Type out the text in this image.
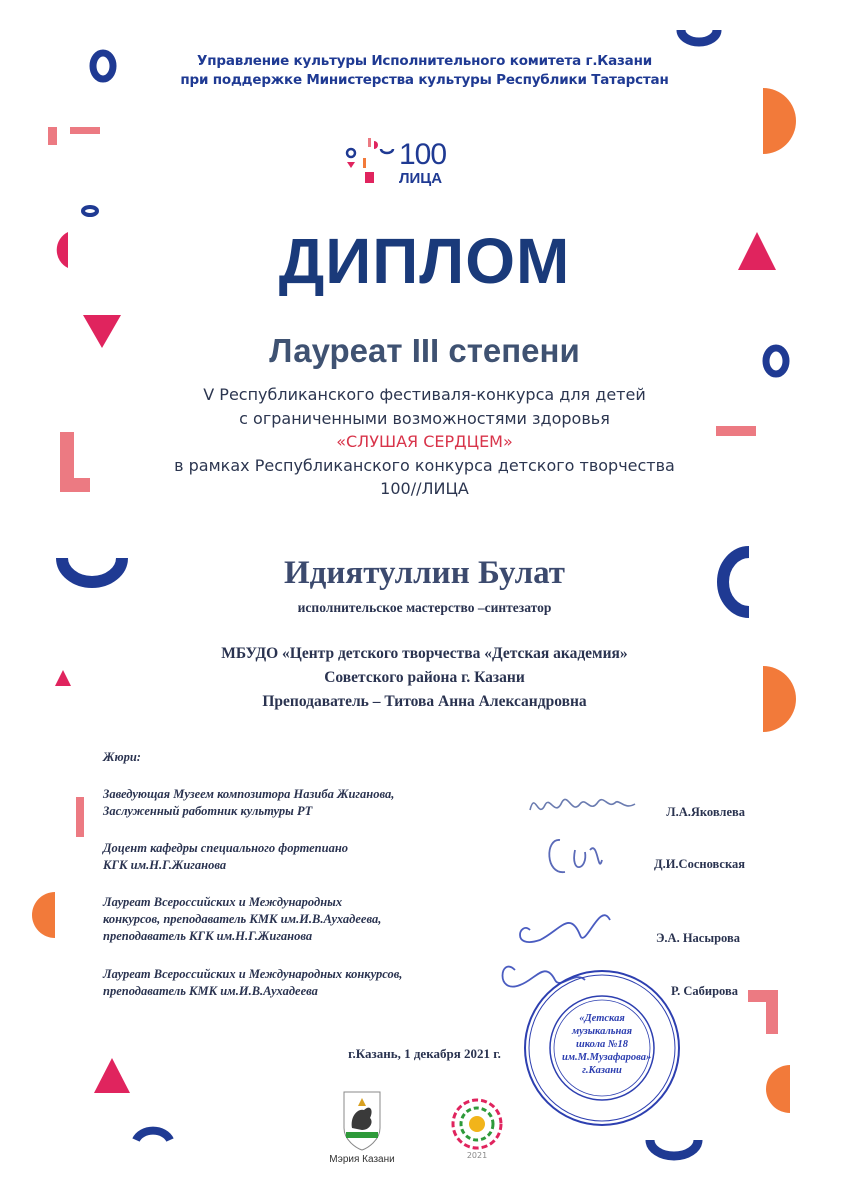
Управление культуры Исполнительного комитета г.Казани
при поддержке Министерства культуры Республики Татарстан
100
ЛИЦА
ДИПЛОМ
Лауреат III степени
V Республиканского фестиваля-конкурса для детей
с ограниченными возможностями здоровья
«СЛУШАЯ СЕРДЦЕМ»
в рамках Республиканского конкурса детского творчества
100//ЛИЦА
Идиятуллин Булат
исполнительское мастерство –синтезатор
МБУДО «Центр детского творчества «Детская академия»
Советского района г. Казани
Преподаватель – Титова Анна Александровна
Жюри:
Заведующая Музеем композитора Назиба Жиганова,
Заслуженный работник культуры РТ
Доцент кафедры специального фортепиано
КГК им.Н.Г.Жиганова
Лауреат Всероссийских и Международных
конкурсов, преподаватель КМК им.И.В.Аухадеева,
преподаватель КГК им.Н.Г.Жиганова
Лауреат Всероссийских и Международных конкурсов,
преподаватель КМК им.И.В.Аухадеева
Л.А.Яковлева
Д.И.Сосновская
Э.А. Насырова
Р. Сабирова
«Детская
музыкальная
школа №18
им.М.Музафарова»
г.Казани
г.Казань, 1 декабря 2021 г.
Мэрия Казани	2021
